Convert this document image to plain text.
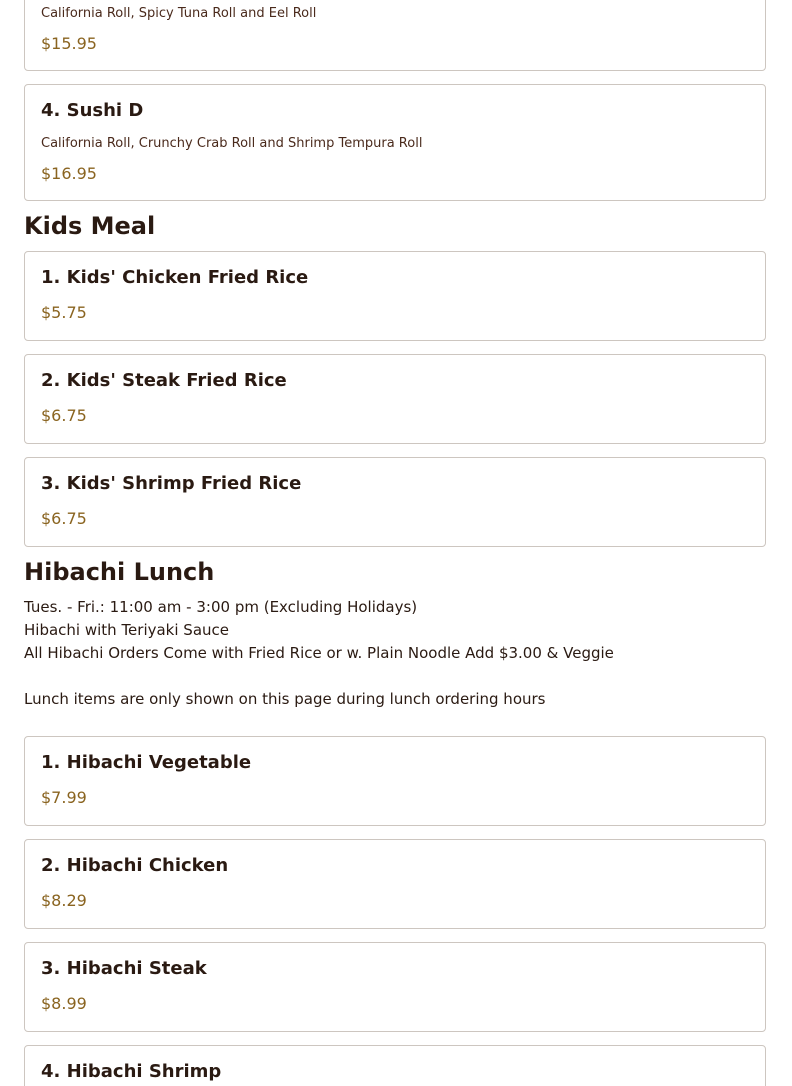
California Roll, Spicy Tuna Roll and Eel Roll
$15.95
4. Sushi D
California Roll, Crunchy Crab Roll and Shrimp Tempura Roll
$16.95
Kids Meal
1. Kids' Chicken Fried Rice
$5.75
2. Kids' Steak Fried Rice
$6.75
3. Kids' Shrimp Fried Rice
$6.75
Hibachi Lunch
Tues. - Fri.: 11:00 am - 3:00 pm (Excluding Holidays)
Hibachi with Teriyaki Sauce
All Hibachi Orders Come with Fried Rice or w. Plain Noodle Add $3.00 & Veggie
Lunch items are only shown on this page during lunch ordering hours
1. Hibachi Vegetable
$7.99
2. Hibachi Chicken
$8.29
3. Hibachi Steak
$8.99
4. Hibachi Shrimp
